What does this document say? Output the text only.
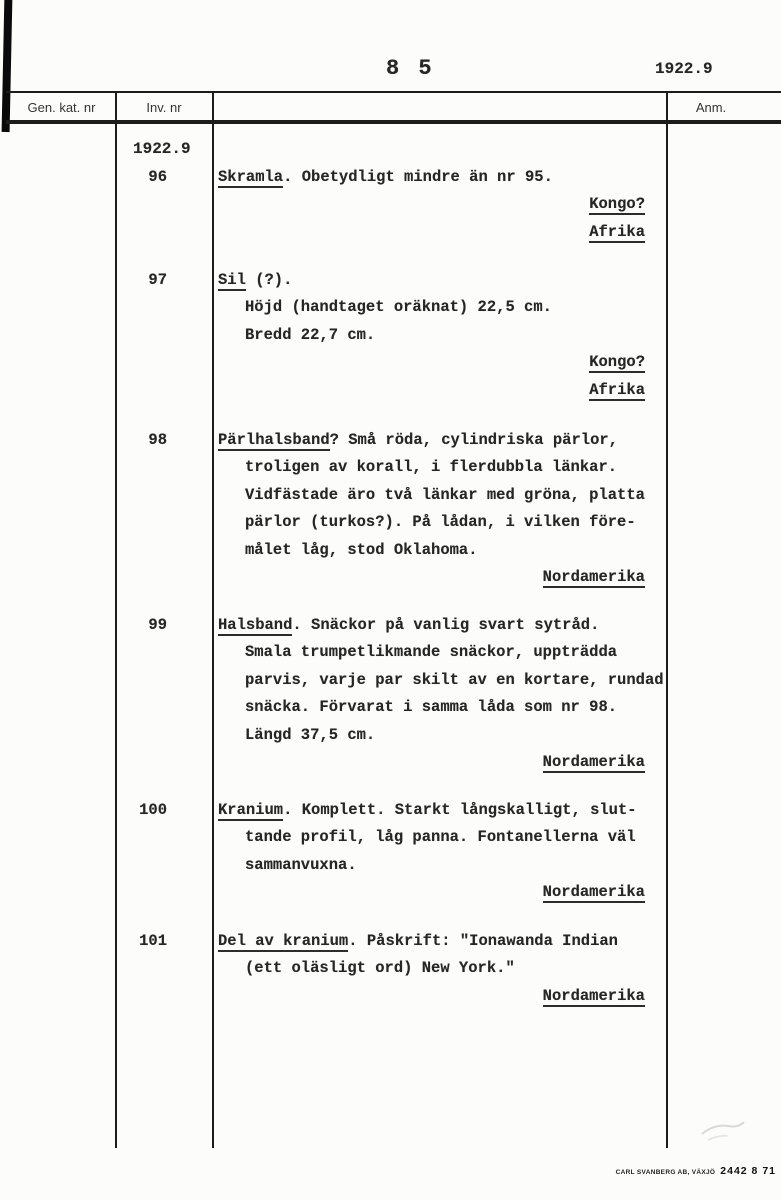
8 5	1922.9
Gen. kat. nr	Inv. nr	Anm.
1922.9
96	Skramla. Obetydligt mindre än nr 95.
Kongo?
Afrika
97	Sil (?).
Höjd (handtaget oräknat) 22,5 cm.
Bredd 22,7 cm.
Kongo?
Afrika
98	Pärlhalsband? Små röda, cylindriska pärlor,
troligen av korall, i flerdubbla länkar.
Vidfästade äro två länkar med gröna, platta
pärlor (turkos?). På lådan, i vilken före-
målet låg, stod Oklahoma.
Nordamerika
99	Halsband. Snäckor på vanlig svart sytråd.
Smala trumpetlikmande snäckor, uppträdda
parvis, varje par skilt av en kortare, rundad
snäcka. Förvarat i samma låda som nr 98.
Längd 37,5 cm.
Nordamerika
100	Kranium. Komplett. Starkt långskalligt, slut-
tande profil, låg panna. Fontanellerna väl
sammanvuxna.
Nordamerika
101	Del av kranium. Påskrift: "Ionawanda Indian
(ett oläsligt ord) New York."
Nordamerika
CARL SVANBERG AB, VÄXJÖ 2442 8 71
